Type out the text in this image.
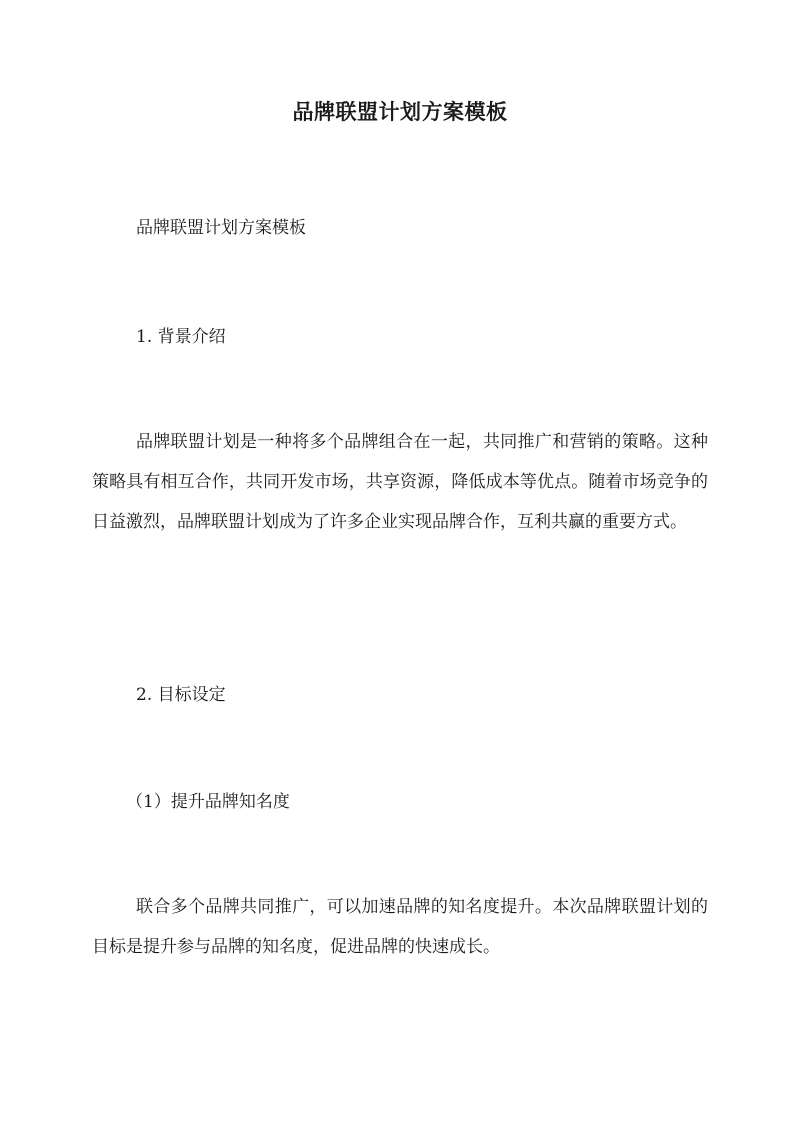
品牌联盟计划方案模板
品牌联盟计划方案模板
1. 背景介绍
品牌联盟计划是一种将多个品牌组合在一起，共同推广和营销的策略。这种策略具有相互合作，共同开发市场，共享资源，降低成本等优点。随着市场竞争的日益激烈，品牌联盟计划成为了许多企业实现品牌合作，互利共赢的重要方式。
2. 目标设定
（1）提升品牌知名度
联合多个品牌共同推广，可以加速品牌的知名度提升。本次品牌联盟计划的目标是提升参与品牌的知名度，促进品牌的快速成长。
